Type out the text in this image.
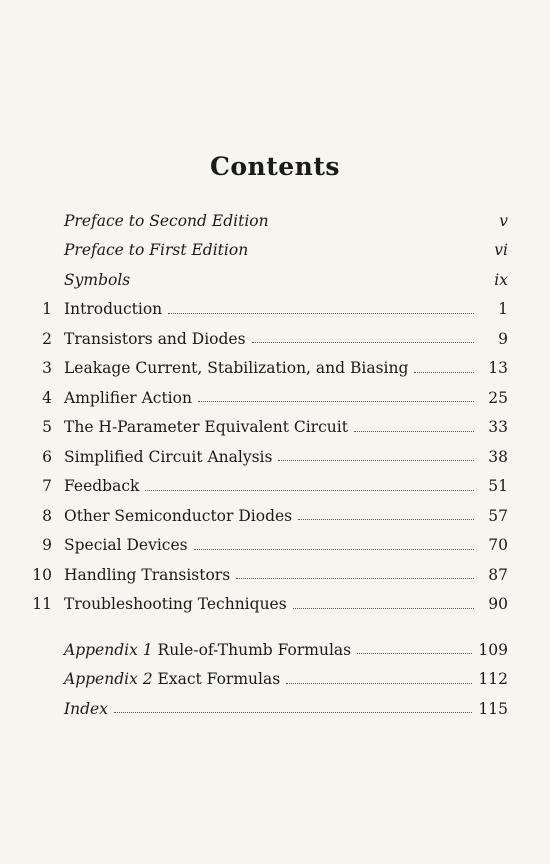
Contents
Preface to Second Edition	v
Preface to First Edition	vi
Symbols	ix
1 Introduction	1
2 Transistors and Diodes	9
3 Leakage Current, Stabilization, and Biasing	13
4 Amplifier Action	25
5 The H-Parameter Equivalent Circuit	33
6 Simplified Circuit Analysis	38
7 Feedback	51
8 Other Semiconductor Diodes	57
9 Special Devices	70
10 Handling Transistors	87
11 Troubleshooting Techniques	90
Appendix 1 Rule-of-Thumb Formulas	109
Appendix 2 Exact Formulas	112
Index	115
